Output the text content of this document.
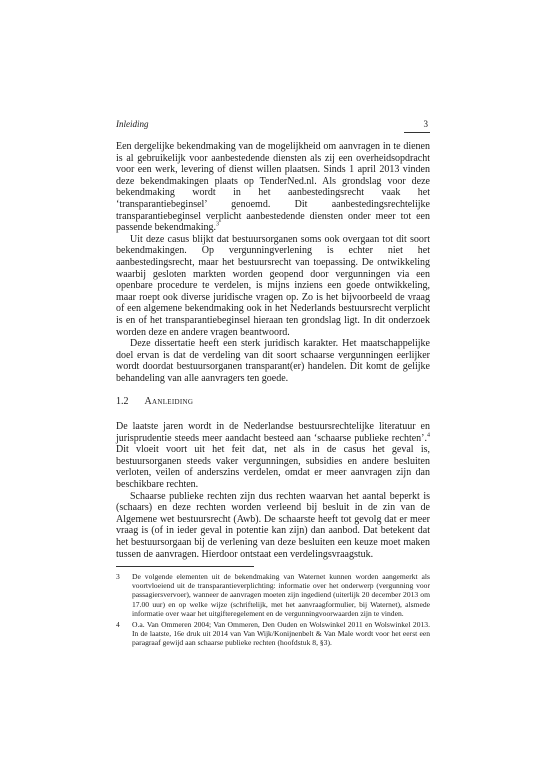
Inleiding	3

Een dergelijke bekendmaking van de mogelijkheid om aanvragen in te dienen is al gebruikelijk voor aanbestedende diensten als zij een overheidsopdracht voor een werk, levering of dienst willen plaatsen. Sinds 1 april 2013 vinden deze bekendmakingen plaats op TenderNed.nl. Als grondslag voor deze bekendmaking wordt in het aanbestedingsrecht vaak het ‘transparantiebeginsel’ genoemd. Dit aanbestedingsrechtelijke transparantiebeginsel verplicht aanbestedende diensten onder meer tot een passende bekendmaking.$^3$

Uit deze casus blijkt dat bestuursorganen soms ook overgaan tot dit soort bekendmakingen. Op vergunningverlening is echter niet het aanbestedingsrecht, maar het bestuursrecht van toepassing. De ontwikkeling waarbij gesloten markten worden geopend door vergunningen via een openbare procedure te verdelen, is mijns inziens een goede ontwikkeling, maar roept ook diverse juridische vragen op. Zo is het bijvoorbeeld de vraag of een algemene bekendmaking ook in het Nederlands bestuursrecht verplicht is en of het transparantiebeginsel hieraan ten grondslag ligt. In dit onderzoek worden deze en andere vragen beantwoord.

Deze dissertatie heeft een sterk juridisch karakter. Het maatschappelijke doel ervan is dat de verdeling van dit soort schaarse vergunningen eerlijker wordt doordat bestuursorganen transparant(er) handelen. Dit komt de gelijke behandeling van alle aanvragers ten goede.

1.2 Aanleiding

De laatste jaren wordt in de Nederlandse bestuursrechtelijke literatuur en jurisprudentie steeds meer aandacht besteed aan ‘schaarse publieke rechten’.$^4$ Dit vloeit voort uit het feit dat, net als in de casus het geval is, bestuursorganen steeds vaker vergunningen, subsidies en andere besluiten verloten, veilen of anderszins verdelen, omdat er meer aanvragen zijn dan beschikbare rechten.

Schaarse publieke rechten zijn dus rechten waarvan het aantal beperkt is (schaars) en deze rechten worden verleend bij besluit in de zin van de Algemene wet bestuursrecht (Awb). De schaarste heeft tot gevolg dat er meer vraag is (of in ieder geval in potentie kan zijn) dan aanbod. Dat betekent dat het bestuursorgaan bij de verlening van deze besluiten een keuze moet maken tussen de aanvragen. Hierdoor ontstaat een verdelingsvraagstuk.

3	De volgende elementen uit de bekendmaking van Waternet kunnen worden aangemerkt als voortvloeiend uit de transparantieverplichting: informatie over het onderwerp (vergunning voor passagiersvervoer), wanneer de aanvragen moeten zijn ingediend (uiterlijk 20 december 2013 om 17.00 uur) en op welke wijze (schriftelijk, met het aanvraagformulier, bij Waternet), alsmede informatie over waar het uitgifteregelement en de vergunningvoorwaarden zijn te vinden.
4	O.a. Van Ommeren 2004; Van Ommeren, Den Ouden en Wolswinkel 2011 en Wolswinkel 2013. In de laatste, 16e druk uit 2014 van Van Wijk/Konijnenbelt & Van Male wordt voor het eerst een paragraaf gewijd aan schaarse publieke rechten (hoofdstuk 8, §3).
